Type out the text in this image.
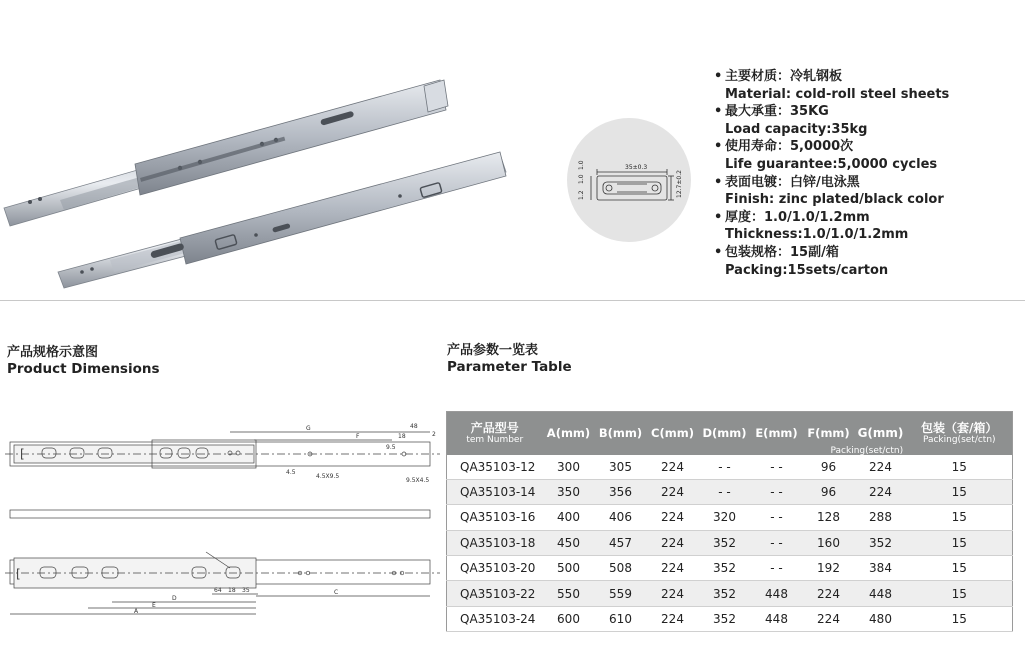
35±0.3
12.7±0.2
1.2
1.0
1.0
• 主要材质：冷轧钢板
Material: cold-roll steel sheets
• 最大承重：35KG
Load capacity:35kg
• 使用寿命：5,0000次
Life guarantee:5,0000 cycles
• 表面电镀：白锌/电泳黑
Finish: zinc plated/black color
• 厚度：1.0/1.0/1.2mm
Thickness:1.0/1.0/1.2mm
• 包装规格：15副/箱
Packing:15sets/carton
产品规格示意图
Product Dimensions
[
[
G
F	18
48
2
9.5
4.5
4.5X9.5
9.5X4.5
64 18 35	C
D
E
A
产品参数一览表
Parameter Table
产品型号
tem Number	A(mm)	B(mm)	C(mm)	D(mm)	E(mm)	F(mm)	G(mm)
Packing(set/ctn)	包装（套/箱）
Packing(set/ctn)

QA35103-12	300	305	224	- -	- -	96	224	15
QA35103-14	350	356	224	- -	- -	96	224	15
QA35103-16	400	406	224	320	- -	128	288	15
QA35103-18	450	457	224	352	- -	160	352	15
QA35103-20	500	508	224	352	- -	192	384	15
QA35103-22	550	559	224	352	448	224	448	15
QA35103-24	600	610	224	352	448	224	480	15
